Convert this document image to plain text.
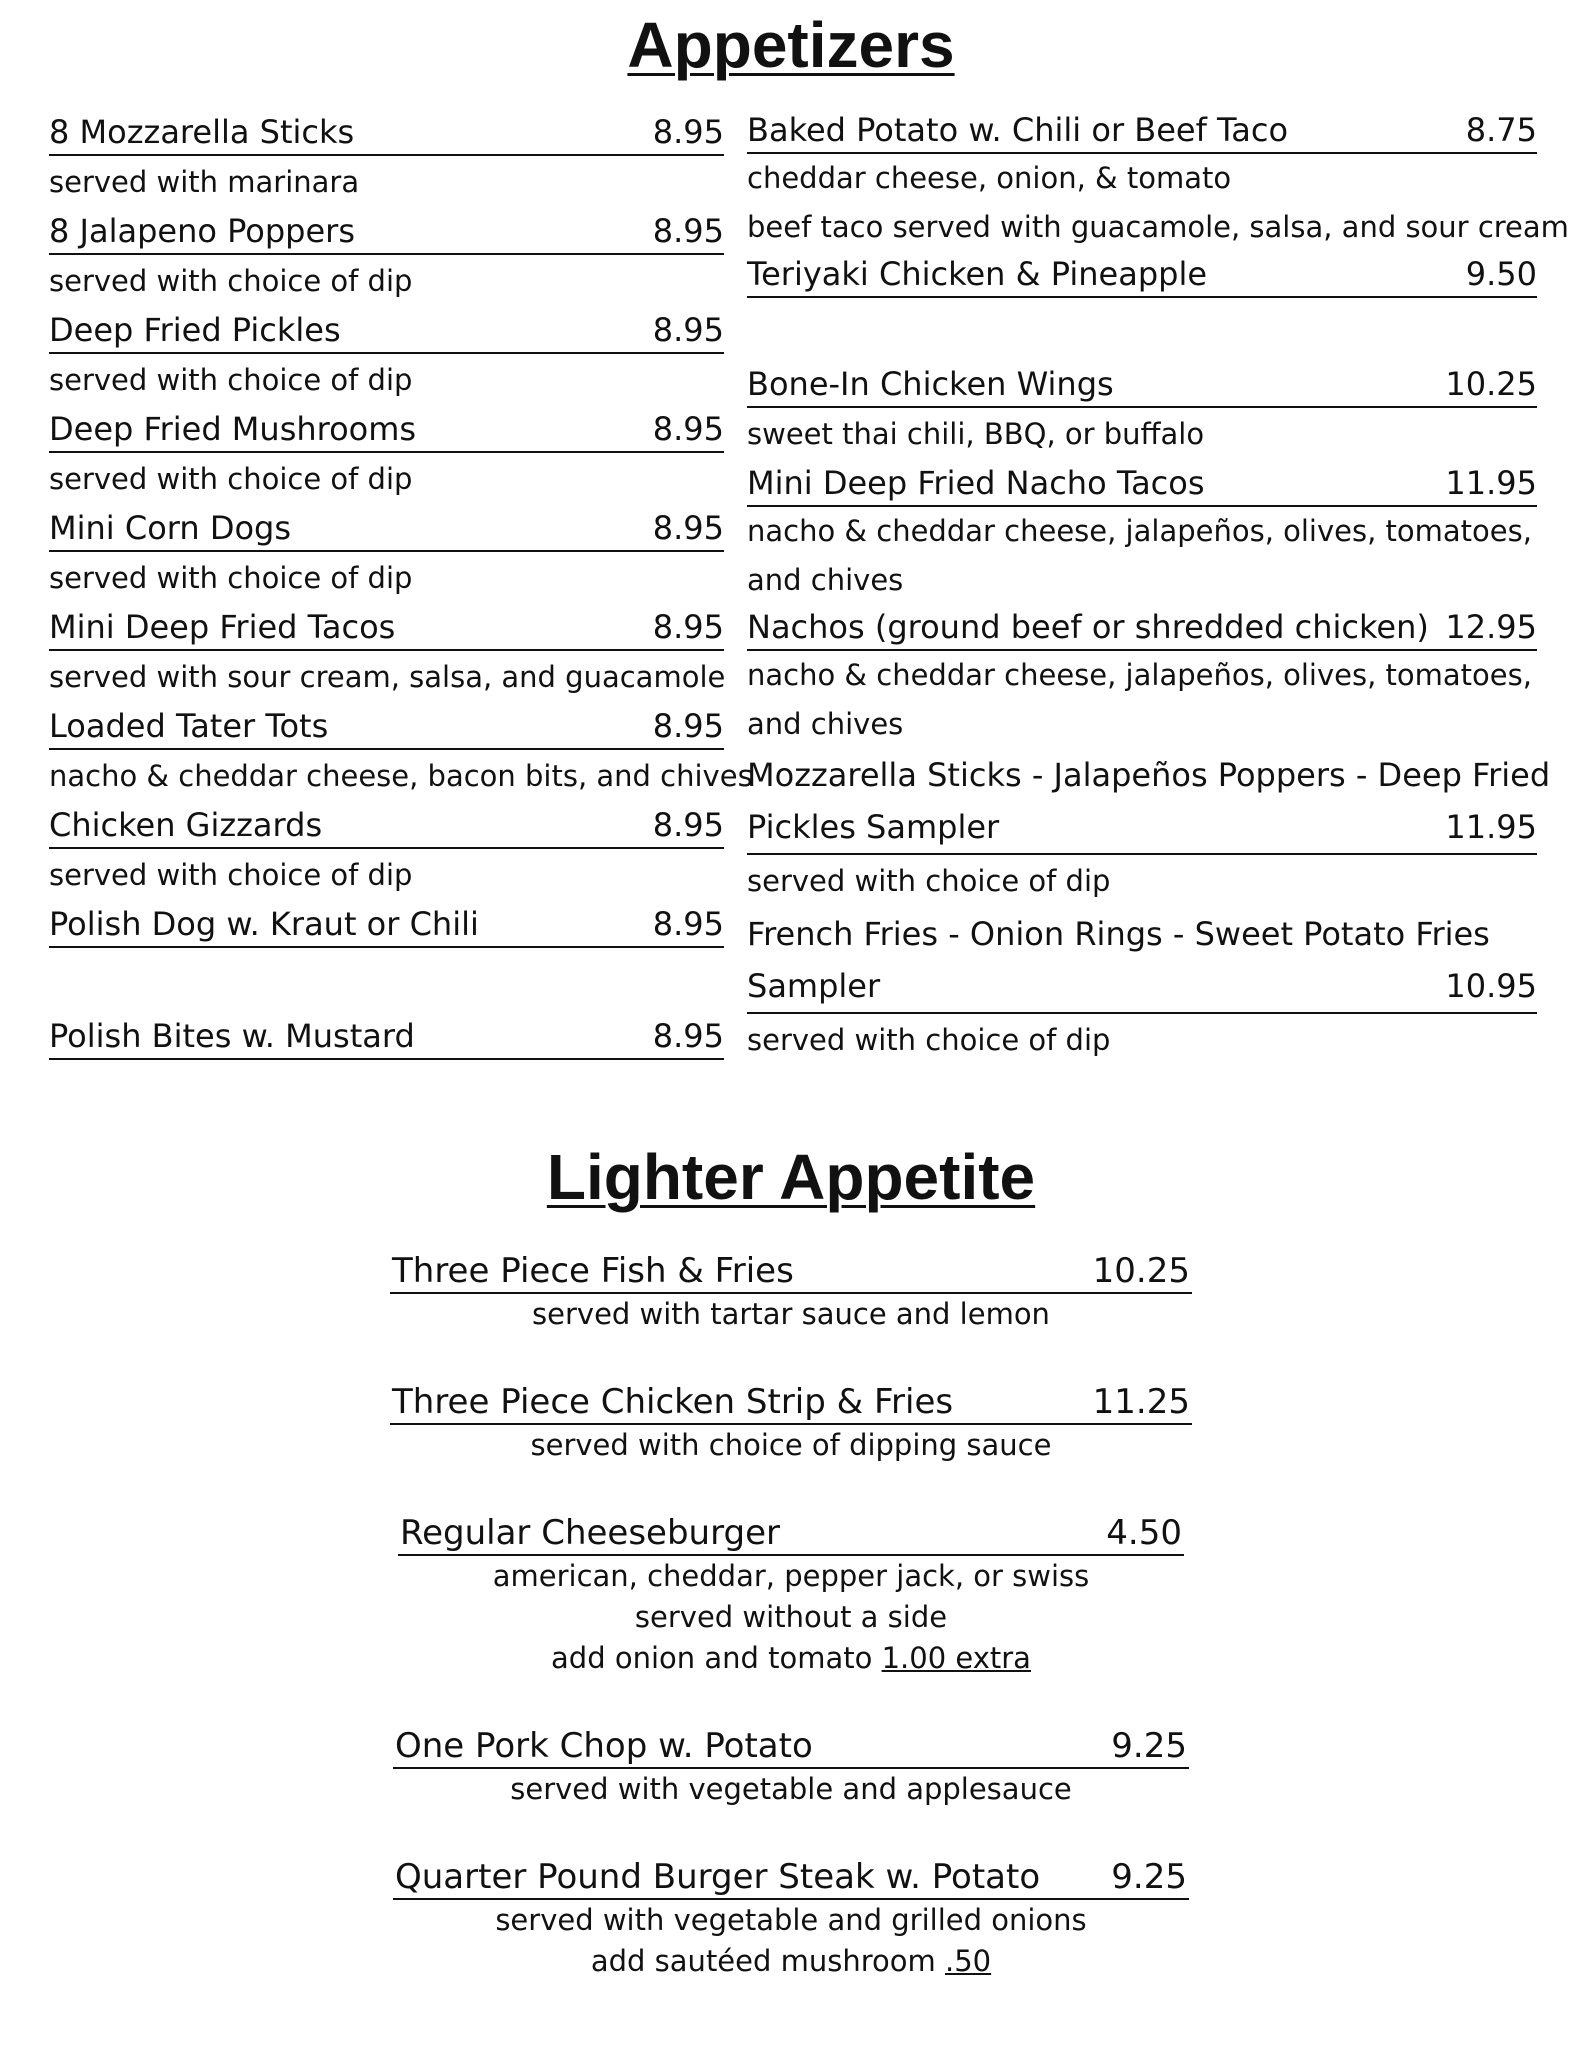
Appetizers
8 Mozzarella Sticks	8.95
served with marinara
8 Jalapeno Poppers	8.95
served with choice of dip
Deep Fried Pickles	8.95
served with choice of dip
Deep Fried Mushrooms	8.95
served with choice of dip
Mini Corn Dogs	8.95
served with choice of dip
Mini Deep Fried Tacos	8.95
served with sour cream, salsa, and guacamole
Loaded Tater Tots	8.95
nacho & cheddar cheese, bacon bits, and chives
Chicken Gizzards	8.95
served with choice of dip
Polish Dog w. Kraut or Chili	8.95
Polish Bites w. Mustard	8.95
Baked Potato w. Chili or Beef Taco	8.75
cheddar cheese, onion, & tomato
beef taco served with guacamole, salsa, and sour cream
Teriyaki Chicken & Pineapple	9.50
Bone-In Chicken Wings	10.25
sweet thai chili, BBQ, or buffalo
Mini Deep Fried Nacho Tacos	11.95
nacho & cheddar cheese, jalapeños, olives, tomatoes,
and chives
Nachos (ground beef or shredded chicken) 12.95
nacho & cheddar cheese, jalapeños, olives, tomatoes,
and chives
Mozzarella Sticks - Jalapeños Poppers - Deep Fried
Pickles Sampler	11.95
served with choice of dip
French Fries - Onion Rings - Sweet Potato Fries
Sampler	10.95
served with choice of dip
Lighter Appetite
Three Piece Fish & Fries	10.25
served with tartar sauce and lemon
Three Piece Chicken Strip & Fries	11.25
served with choice of dipping sauce
Regular Cheeseburger	4.50
american, cheddar, pepper jack, or swiss
served without a side
add onion and tomato 1.00 extra
One Pork Chop w. Potato	9.25
served with vegetable and applesauce
Quarter Pound Burger Steak w. Potato 9.25
served with vegetable and grilled onions
add sautéed mushroom .50
